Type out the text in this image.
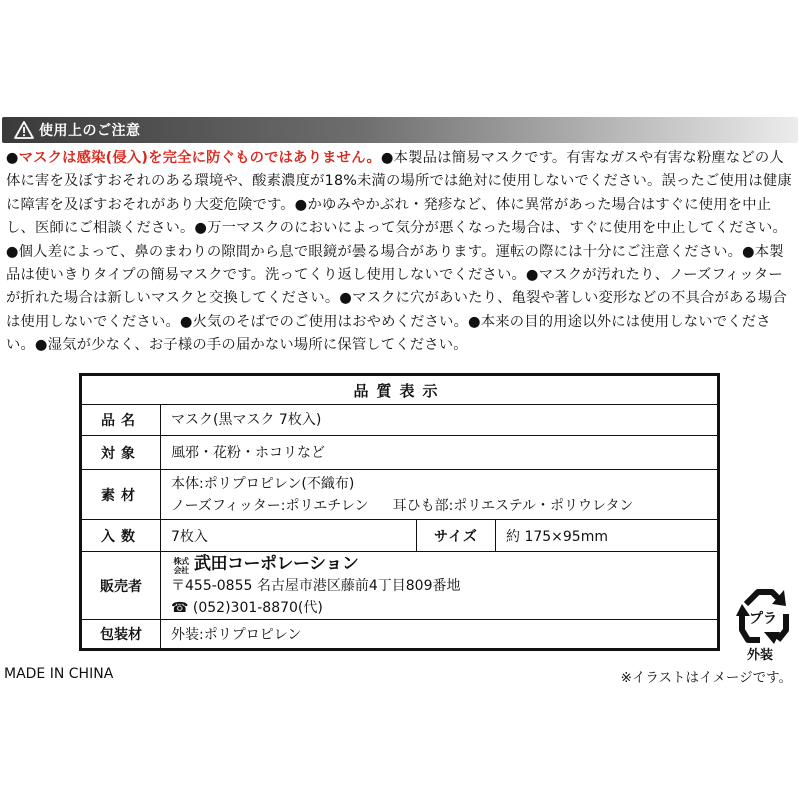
使用上のご注意
●マスクは感染(侵入)を完全に防ぐものではありません。●本製品は簡易マスクです。有害なガスや有害な粉塵などの人体に害を及ぼすおそれのある環境や、酸素濃度が18%未満の場所では絶対に使用しないでください。誤ったご使用は健康に障害を及ぼすおそれがあり大変危険です。●かゆみやかぶれ・発疹など、体に異常があった場合はすぐに使用を中止し、医師にご相談ください。●万一マスクのにおいによって気分が悪くなった場合は、すぐに使用を中止してください。●個人差によって、鼻のまわりの隙間から息で眼鏡が曇る場合があります。運転の際には十分にご注意ください。●本製品は使いきりタイプの簡易マスクです。洗ってくり返し使用しないでください。●マスクが汚れたり、ノーズフィッターが折れた場合は新しいマスクと交換してください。●マスクに穴があいたり、亀裂や著しい変形などの不具合がある場合は使用しないでください。●火気のそばでのご使用はおやめください。●本来の目的用途以外には使用しないでください。●湿気が少なく、お子様の手の届かない場所に保管してください。
品質表示			
品名	マスク(黒マスク 7枚入)		
対象	風邪・花粉・ホコリなど		
素材	本体:ポリプロピレン(不織布)
ノーズフィッター:ポリエチレン 耳ひも部:ポリエステル・ポリウレタン		

入数	7枚入	サイズ	約 175×95mm
販売者	株式会社 武田コーポレーション
〒455-0855 名古屋市港区藤前4丁目809番地
☎ (052)301-8870(代)		

包装材	外装:ポリプロピレン		
MADE IN CHINA	※イラストはイメージです。
プラ
外装
